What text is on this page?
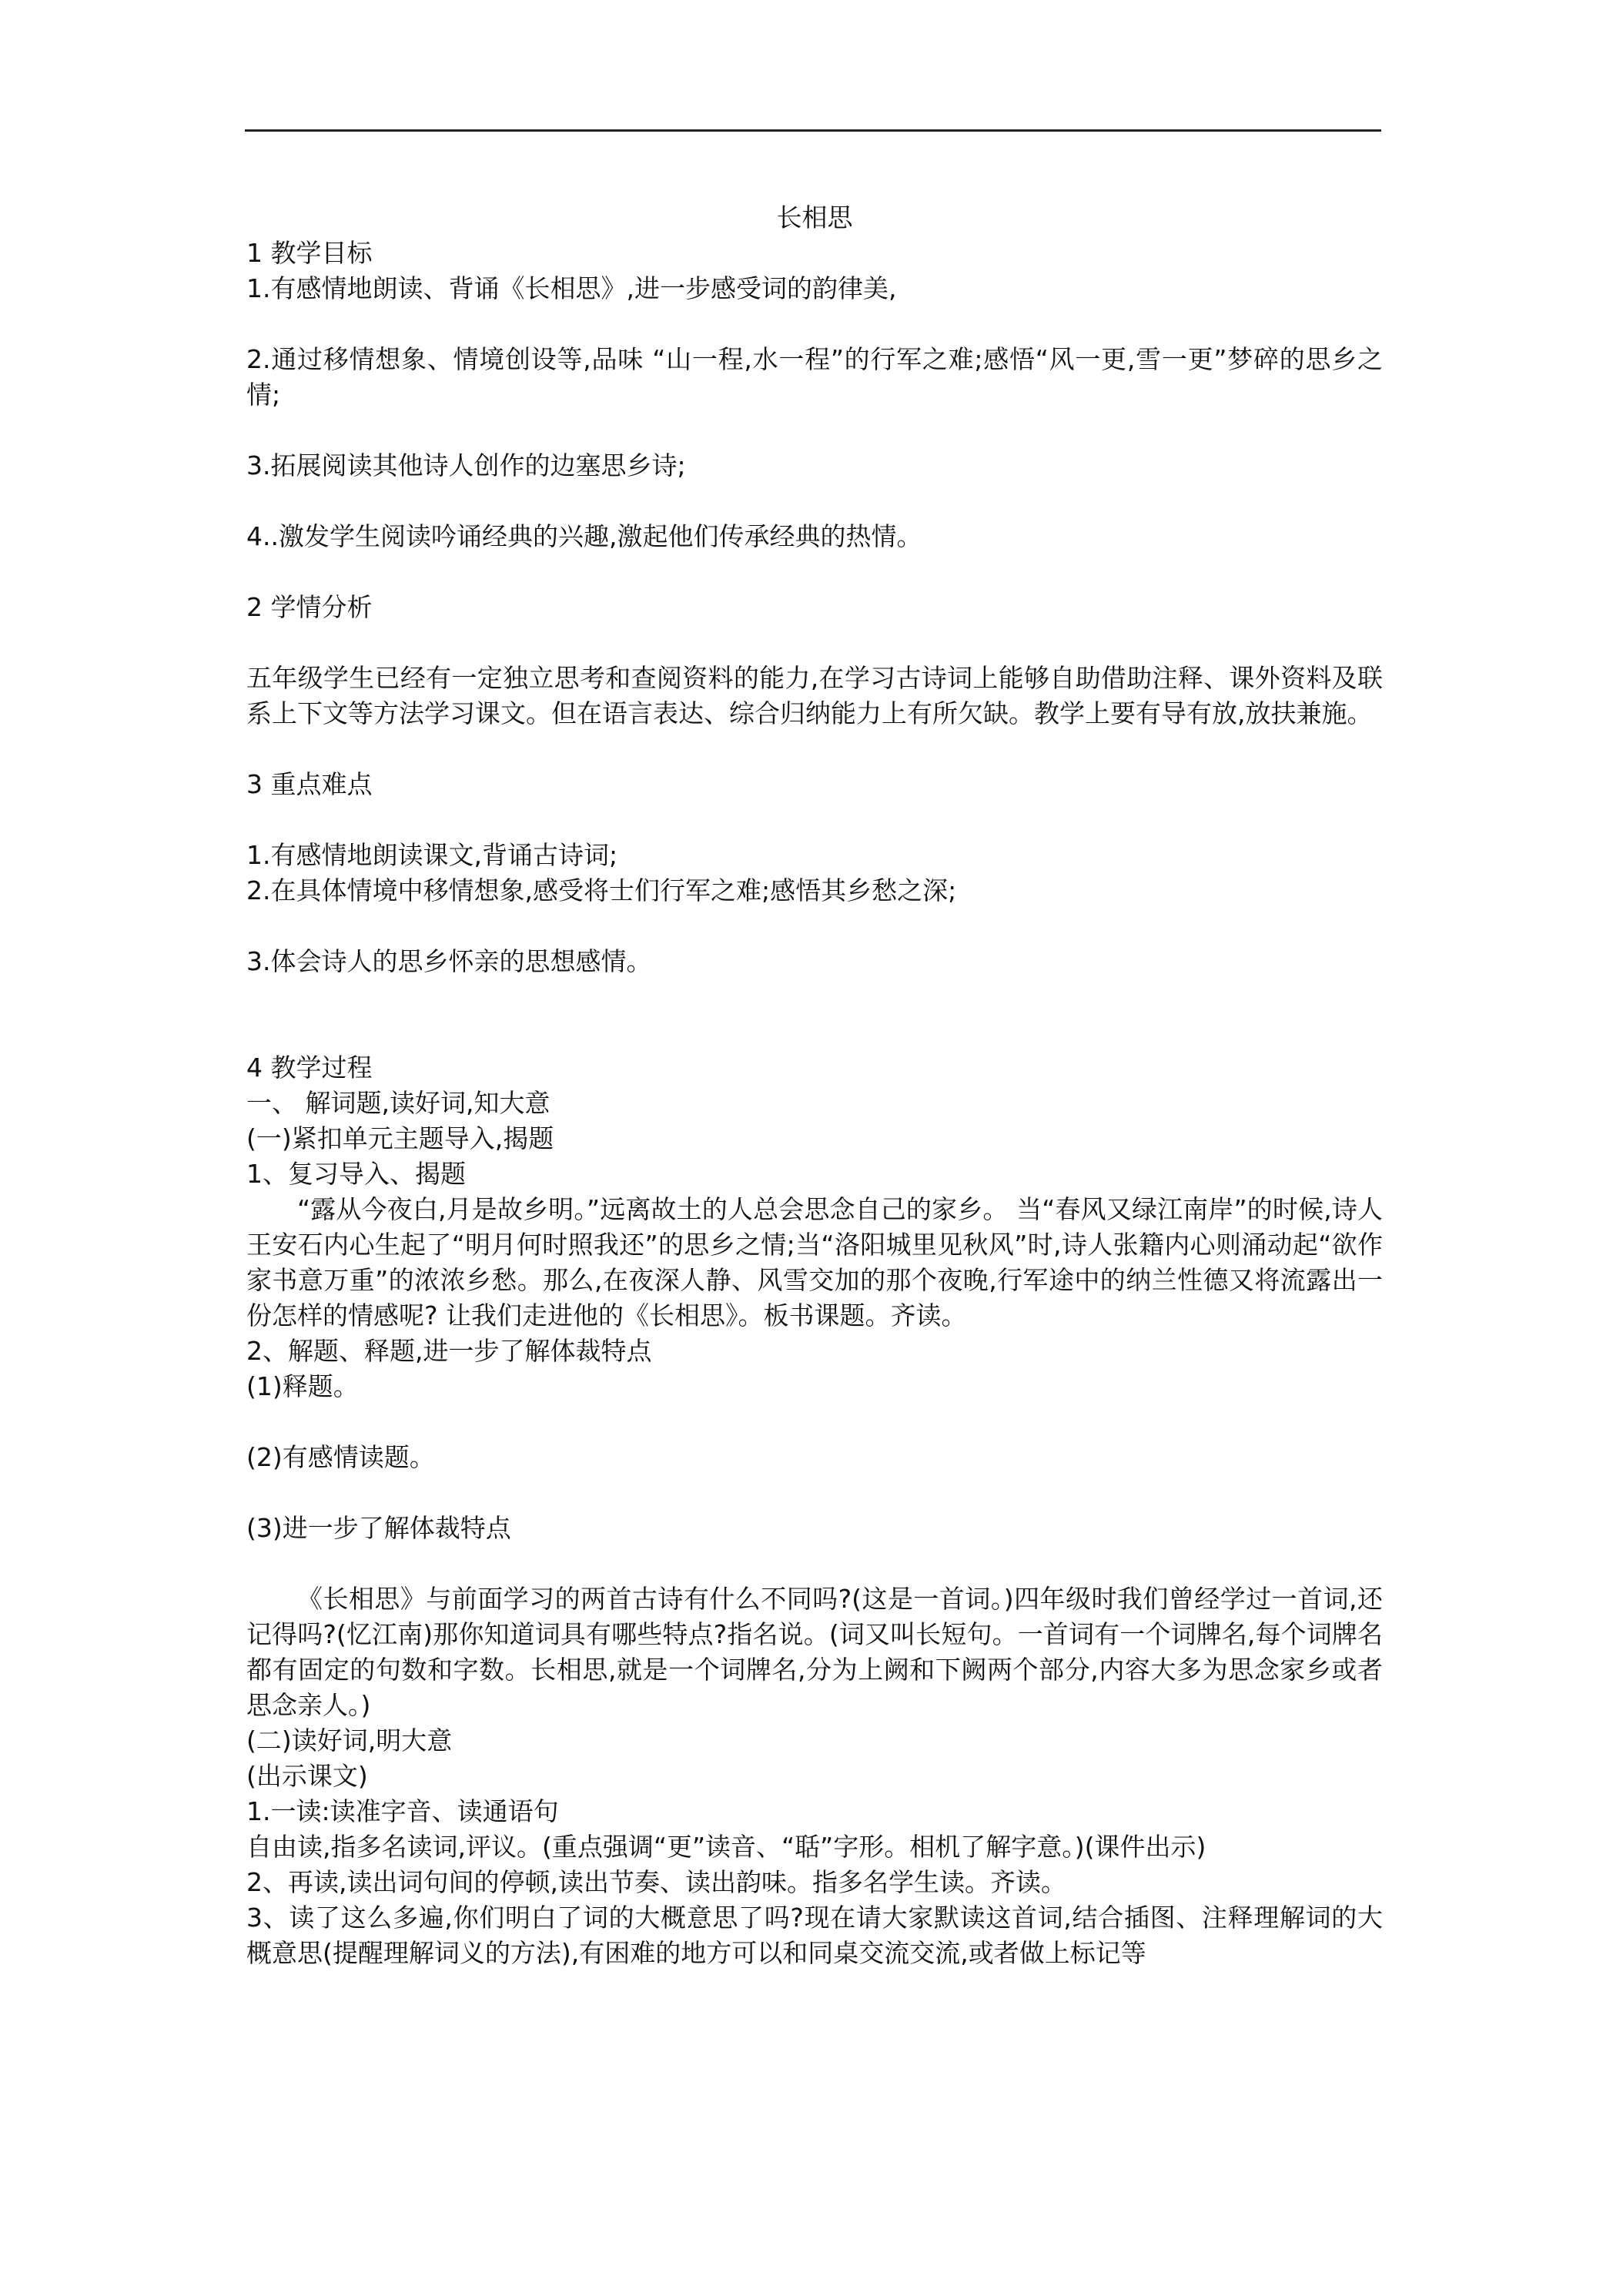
长相思

1 教学目标

1.有感情地朗读、背诵《长相思》,进一步感受词的韵律美,

2.通过移情想象、情境创设等,品味 “山一程,水一程”的行军之难;感悟“风一更,雪一更”梦碎的思乡之情;

3.拓展阅读其他诗人创作的边塞思乡诗;

4..激发学生阅读吟诵经典的兴趣,激起他们传承经典的热情。

2 学情分析

五年级学生已经有一定独立思考和查阅资料的能力,在学习古诗词上能够自助借助注释、课外资料及联系上下文等方法学习课文。但在语言表达、综合归纳能力上有所欠缺。教学上要有导有放,放扶兼施。

3 重点难点

1.有感情地朗读课文,背诵古诗词;

2.在具体情境中移情想象,感受将士们行军之难;感悟其乡愁之深;

3.体会诗人的思乡怀亲的思想感情。

4 教学过程

一、 解词题,读好词,知大意

(一)紧扣单元主题导入,揭题

1、复习导入、揭题

“露从今夜白,月是故乡明。”远离故土的人总会思念自己的家乡。 当“春风又绿江南岸”的时候,诗人王安石内心生起了“明月何时照我还”的思乡之情;当“洛阳城里见秋风”时,诗人张籍内心则涌动起“欲作家书意万重”的浓浓乡愁。那么,在夜深人静、风雪交加的那个夜晚,行军途中的纳兰性德又将流露出一份怎样的情感呢? 让我们走进他的《长相思》。板书课题。齐读。

2、解题、释题,进一步了解体裁特点

(1)释题。

(2)有感情读题。

(3)进一步了解体裁特点

《长相思》与前面学习的两首古诗有什么不同吗?(这是一首词。)四年级时我们曾经学过一首词,还记得吗?(忆江南)那你知道词具有哪些特点?指名说。(词又叫长短句。一首词有一个词牌名,每个词牌名都有固定的句数和字数。长相思,就是一个词牌名,分为上阙和下阙两个部分,内容大多为思念家乡或者思念亲人。)

(二)读好词,明大意

(出示课文)

1.一读:读准字音、读通语句

自由读,指多名读词,评议。(重点强调“更”读音、“聒”字形。相机了解字意。)(课件出示)

2、再读,读出词句间的停顿,读出节奏、读出韵味。指多名学生读。齐读。

3、读了这么多遍,你们明白了词的大概意思了吗?现在请大家默读这首词,结合插图、注释理解词的大概意思(提醒理解词义的方法),有困难的地方可以和同桌交流交流,或者做上标记等
